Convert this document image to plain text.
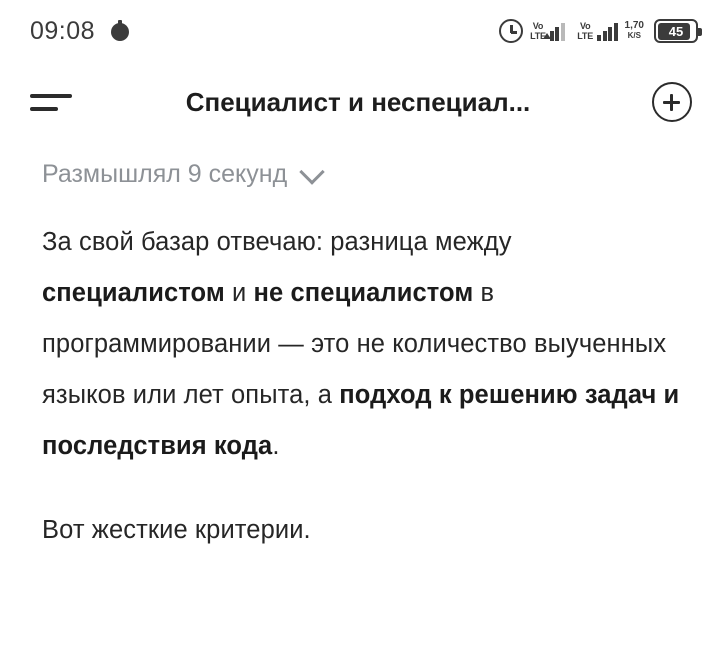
09:08	Vo
LTE
Vo
LTE
1,70
K/S 45
Специалист и неспециал...
Размышлял 9 секунд
За свой базар отвечаю: разница между специалистом и не специалистом в программировании — это не количество выученных языков или лет опыта, а подход к решению задач и последствия кода.
Вот жесткие критерии.
